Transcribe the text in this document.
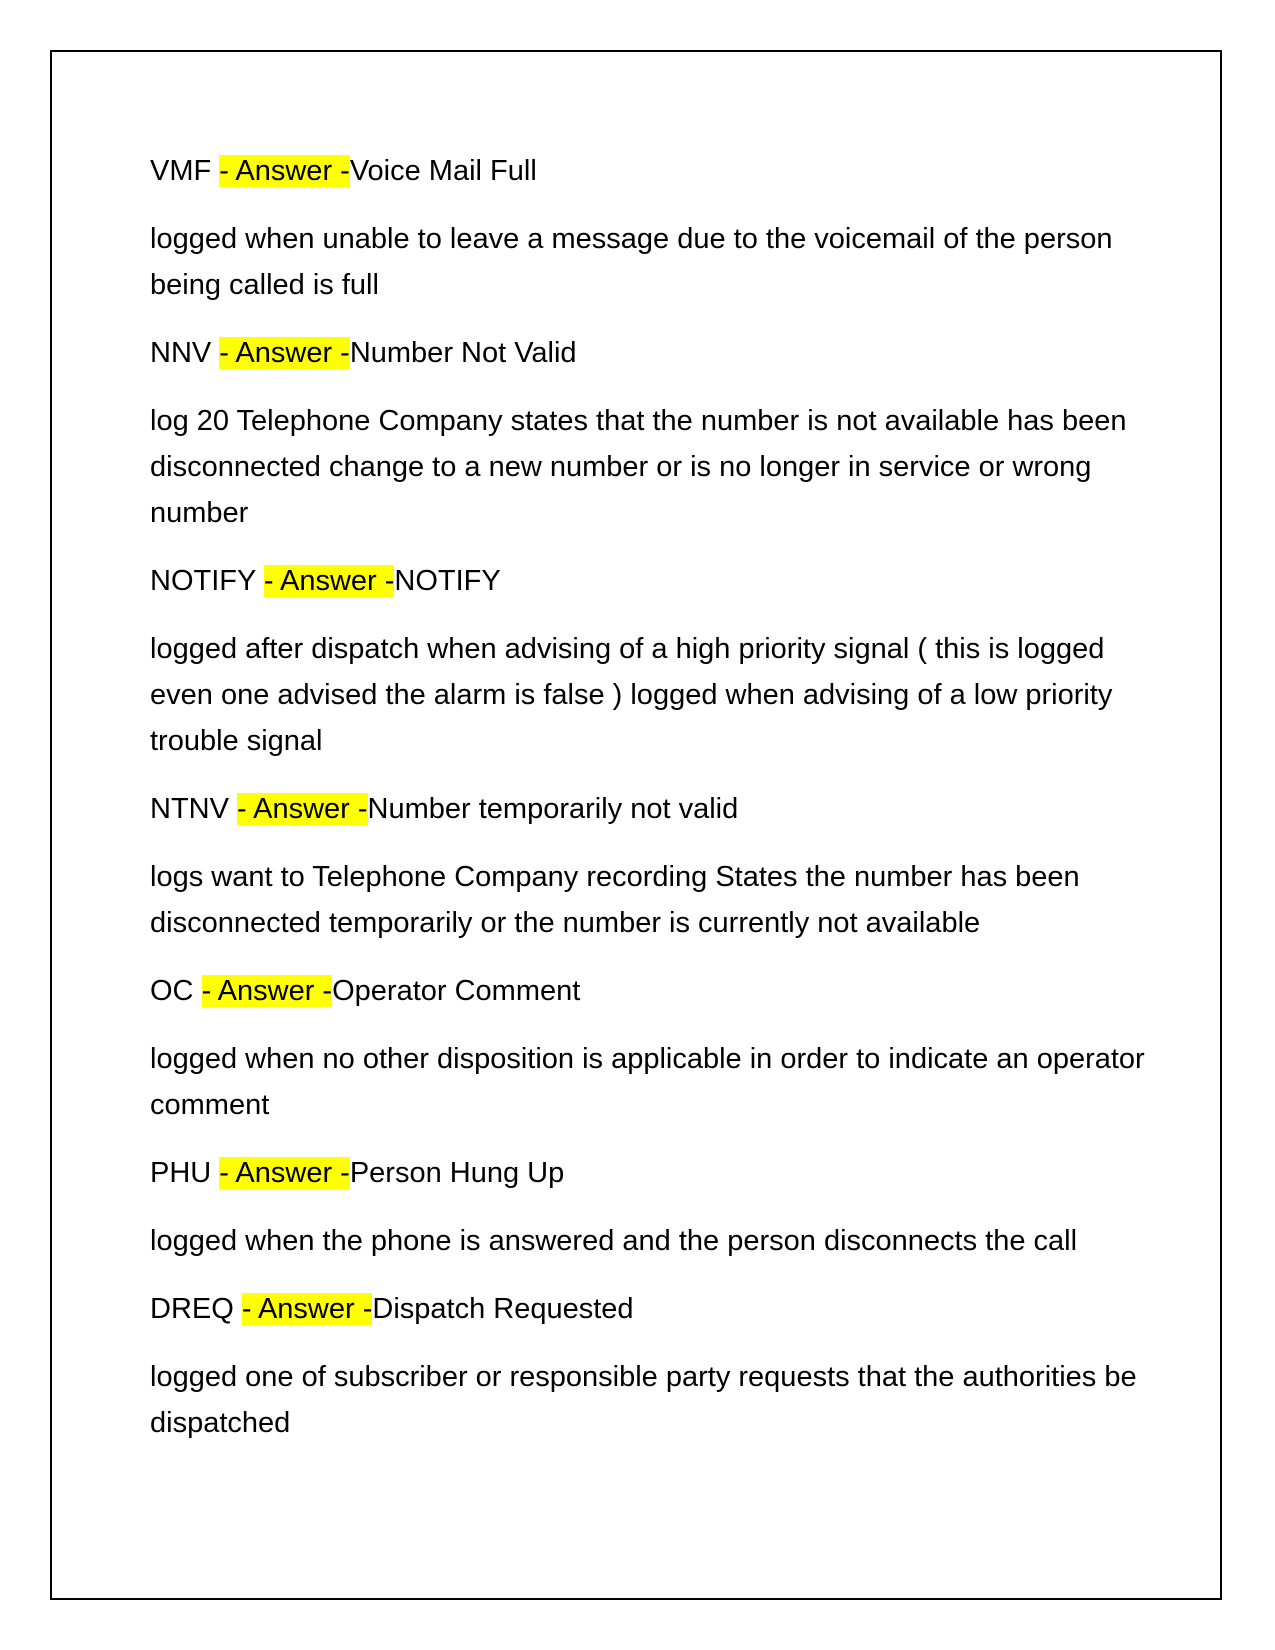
VMF - Answer -Voice Mail Full

logged when unable to leave a message due to the voicemail of the person being called is full

NNV - Answer -Number Not Valid

log 20 Telephone Company states that the number is not available has been disconnected change to a new number or is no longer in service or wrong number

NOTIFY - Answer -NOTIFY

logged after dispatch when advising of a high priority signal ( this is logged even one advised the alarm is false ) logged when advising of a low priority trouble signal

NTNV - Answer -Number temporarily not valid

logs want to Telephone Company recording States the number has been disconnected temporarily or the number is currently not available

OC - Answer -Operator Comment

logged when no other disposition is applicable in order to indicate an operator comment

PHU - Answer -Person Hung Up

logged when the phone is answered and the person disconnects the call

DREQ - Answer -Dispatch Requested

logged one of subscriber or responsible party requests that the authorities be dispatched
